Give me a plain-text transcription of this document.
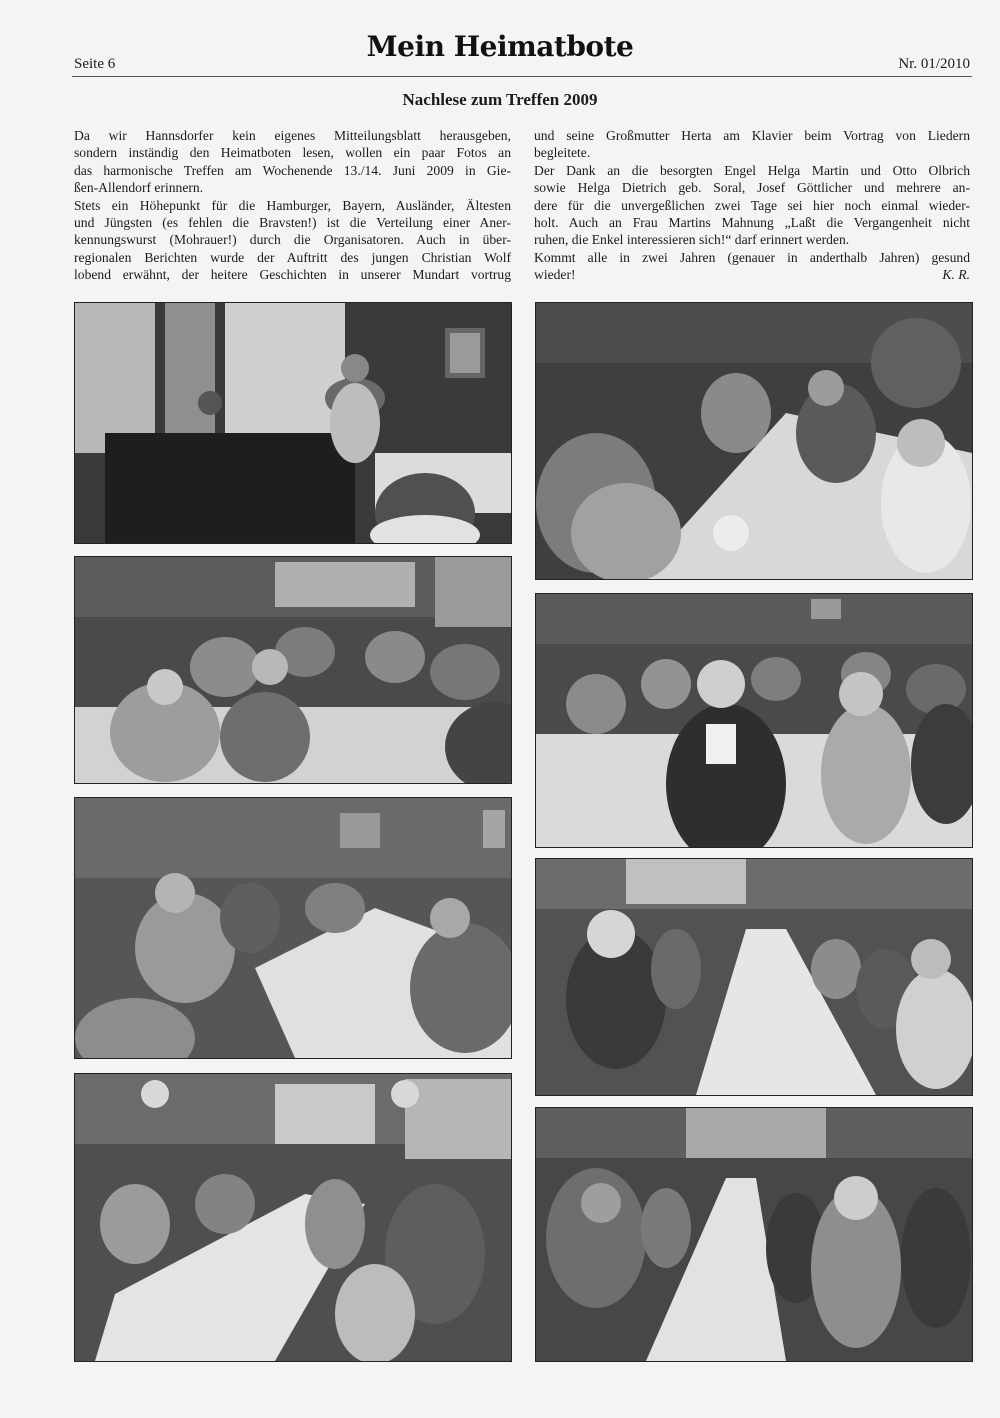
Seite 6
Mein Heimatbote
Nr. 01/2010
Nachlese zum Treffen 2009
Da wir Hannsdorfer kein eigenes Mitteilungsblatt herausgeben,
sondern inständig den Heimatboten lesen, wollen ein paar Fotos an
das harmonische Treffen am Wochenende 13./14. Juni 2009 in Gie-
ßen-Allendorf erinnern.
Stets ein Höhepunkt für die Hamburger, Bayern, Ausländer, Ältesten
und Jüngsten (es fehlen die Bravsten!) ist die Verteilung einer Aner-
kennungswurst (Mohrauer!) durch die Organisatoren. Auch in über-
regionalen Berichten wurde der Auftritt des jungen Christian Wolf
lobend erwähnt, der heitere Geschichten in unserer Mundart vortrug
und seine Großmutter Herta am Klavier beim Vortrag von Liedern
begleitete.
Der Dank an die besorgten Engel Helga Martin und Otto Olbrich
sowie Helga Dietrich geb. Soral, Josef Göttlicher und mehrere an-
dere für die unvergeßlichen zwei Tage sei hier noch einmal wieder-
holt. Auch an Frau Martins Mahnung „Laßt die Vergangenheit nicht
ruhen, die Enkel interessieren sich!“ darf erinnert werden.
Kommt alle in zwei Jahren (genauer in anderthalb Jahren) gesund
wieder!	K. R.
